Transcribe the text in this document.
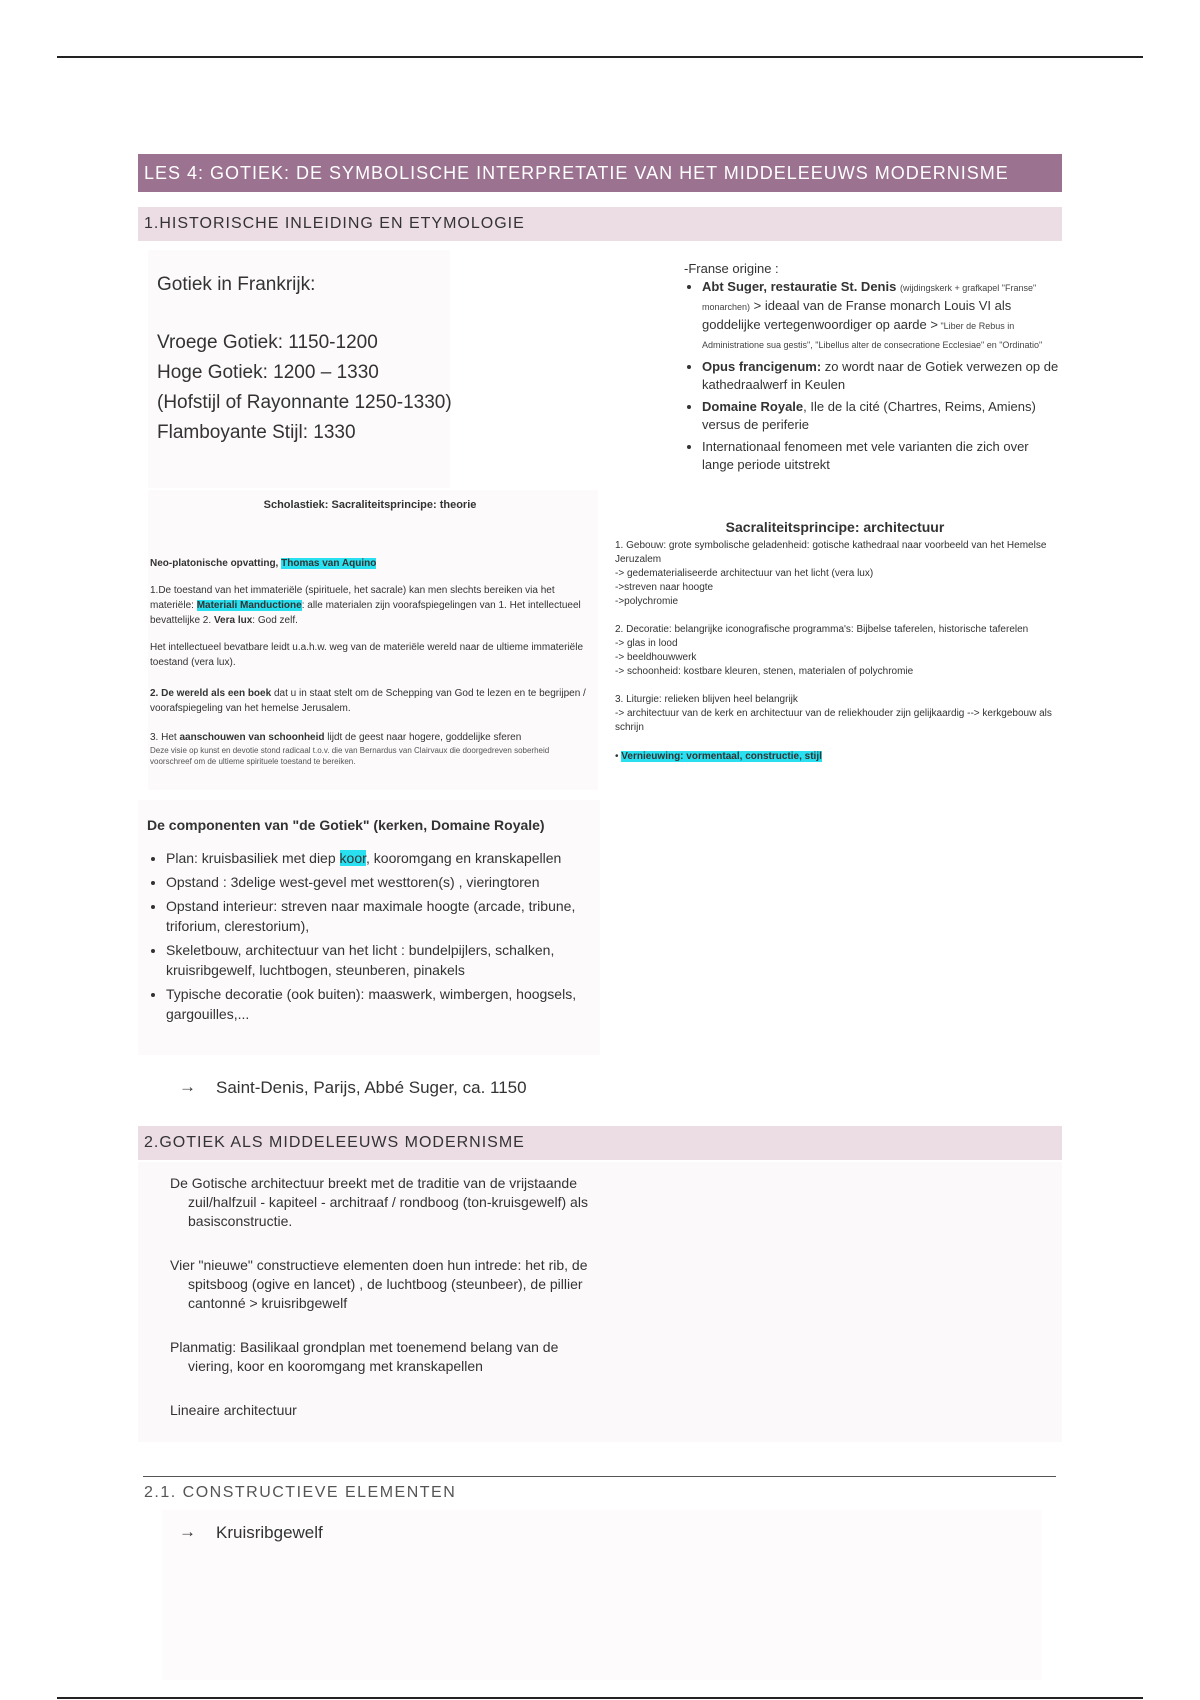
LES 4: GOTIEK: DE SYMBOLISCHE INTERPRETATIE VAN HET MIDDELEEUWS MODERNISME
1.HISTORISCHE INLEIDING EN ETYMOLOGIE
Gotiek in Frankrijk:
Vroege Gotiek: 1150-1200
Hoge Gotiek: 1200 – 1330
(Hofstijl of Rayonnante 1250-1330)
Flamboyante Stijl: 1330
-Franse origine :
• Abt Suger, restauratie St. Denis (wijdingskerk + grafkapel "Franse" monarchen) > ideaal van de Franse monarch Louis VI als goddelijke vertegenwoordiger op aarde > "Liber de Rebus in Administratione sua gestis", "Libellus alter de consecratione Ecclesiae" en "Ordinatio"
• Opus francigenum: zo wordt naar de Gotiek verwezen op de kathedraalwerf in Keulen
• Domaine Royale, Ile de la cité (Chartres, Reims, Amiens) versus de periferie
• Internationaal fenomeen met vele varianten die zich over lange periode uitstrekt
Scholastiek: Sacraliteitsprincipe: theorie
Neo-platonische opvatting, Thomas van Aquino
1.De toestand van het immateriële (spirituele, het sacrale) kan men slechts bereiken via het materiële: Materiali Manductione: alle materialen zijn voorafspiegelingen van 1. Het intellectueel bevattelijke 2. Vera lux: God zelf.
Het intellectueel bevatbare leidt u.a.h.w. weg van de materiële wereld naar de ultieme immateriële toestand (vera lux).
2. De wereld als een boek dat u in staat stelt om de Schepping van God te lezen en te begrijpen / voorafspiegeling van het hemelse Jerusalem.
3. Het aanschouwen van schoonheid lijdt de geest naar hogere, goddelijke sferen
Deze visie op kunst en devotie stond radicaal t.o.v. die van Bernardus van Clairvaux die doorgedreven soberheid voorschreef om de ultieme spirituele toestand te bereiken.
Sacraliteitsprincipe: architectuur
1. Gebouw: grote symbolische geladenheid: gotische kathedraal naar voorbeeld van het Hemelse Jeruzalem
-> gedematerialiseerde architectuur van het licht (vera lux)
->streven naar hoogte
->polychromie
2. Decoratie: belangrijke iconografische programma's: Bijbelse taferelen, historische taferelen
-> glas in lood
-> beeldhouwwerk
-> schoonheid: kostbare kleuren, stenen, materialen of polychromie
3. Liturgie: relieken blijven heel belangrijk
-> architectuur van de kerk en architectuur van de reliekhouder zijn gelijkaardig --> kerkgebouw als schrijn
• Vernieuwing: vormentaal, constructie, stijl
De componenten van "de Gotiek" (kerken, Domaine Royale)
• Plan: kruisbasiliek met diep koor, kooromgang en kranskapellen
• Opstand : 3delige west-gevel met westtoren(s) , vieringtoren
• Opstand interieur: streven naar maximale hoogte (arcade, tribune, triforium, clerestorium),
• Skeletbouw, architectuur van het licht : bundelpijlers, schalken, kruisribgewelf, luchtbogen, steunberen, pinakels
• Typische decoratie (ook buiten): maaswerk, wimbergen, hoogsels, gargouilles,...
→ Saint-Denis, Parijs, Abbé Suger, ca. 1150
2.GOTIEK ALS MIDDELEEUWS MODERNISME

De Gotische architectuur breekt met de traditie van de vrijstaande zuil/halfzuil - kapiteel - architraaf / rondboog (ton-kruisgewelf) als basisconstructie.

Vier "nieuwe" constructieve elementen doen hun intrede: het rib, de spitsboog (ogive en lancet) , de luchtboog (steunbeer), de pillier cantonné > kruisribgewelf

Planmatig: Basilikaal grondplan met toenemend belang van de viering, koor en kooromgang met kranskapellen

Lineaire architectuur

2.1. CONSTRUCTIEVE ELEMENTEN
→ Kruisribgewelf
